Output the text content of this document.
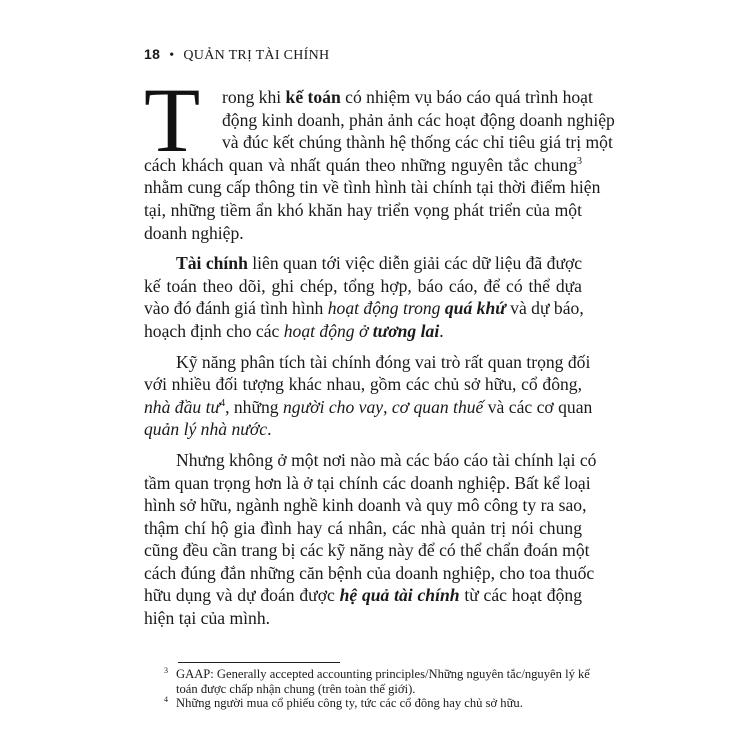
18 • QUẢN TRỊ TÀI CHÍNH
T	rong khi kế toán có nhiệm vụ báo cáo quá trình hoạt
động kinh doanh, phản ảnh các hoạt động doanh nghiệp
và đúc kết chúng thành hệ thống các chỉ tiêu giá trị một
cách khách quan và nhất quán theo những nguyên tắc chung$^3$
nhằm cung cấp thông tin về tình hình tài chính tại thời điểm hiện
tại, những tiềm ẩn khó khăn hay triển vọng phát triển của một
doanh nghiệp.
Tài chính liên quan tới việc diễn giải các dữ liệu đã được
kế toán theo dõi, ghi chép, tổng hợp, báo cáo, để có thể dựa
vào đó đánh giá tình hình hoạt động trong quá khứ và dự báo,
hoạch định cho các hoạt động ở tương lai.
Kỹ năng phân tích tài chính đóng vai trò rất quan trọng đối
với nhiều đối tượng khác nhau, gồm các chủ sở hữu, cổ đông,
nhà đầu $tư^4$, những người cho vay, cơ quan thuế và các cơ quan
quản lý nhà nước.
Nhưng không ở một nơi nào mà các báo cáo tài chính lại có
tầm quan trọng hơn là ở tại chính các doanh nghiệp. Bất kể loại
hình sở hữu, ngành nghề kinh doanh và quy mô công ty ra sao,
thậm chí hộ gia đình hay cá nhân, các nhà quản trị nói chung
cũng đều cần trang bị các kỹ năng này để có thể chẩn đoán một
cách đúng đắn những căn bệnh của doanh nghiệp, cho toa thuốc
hữu dụng và dự đoán được hệ quả tài chính từ các hoạt động
hiện tại của mình.
3 GAAP: Generally accepted accounting principles/Những nguyên tắc/nguyên lý kế toán được chấp nhận chung (trên toàn thế giới).
4 Những người mua cổ phiếu công ty, tức các cổ đông hay chủ sở hữu.
